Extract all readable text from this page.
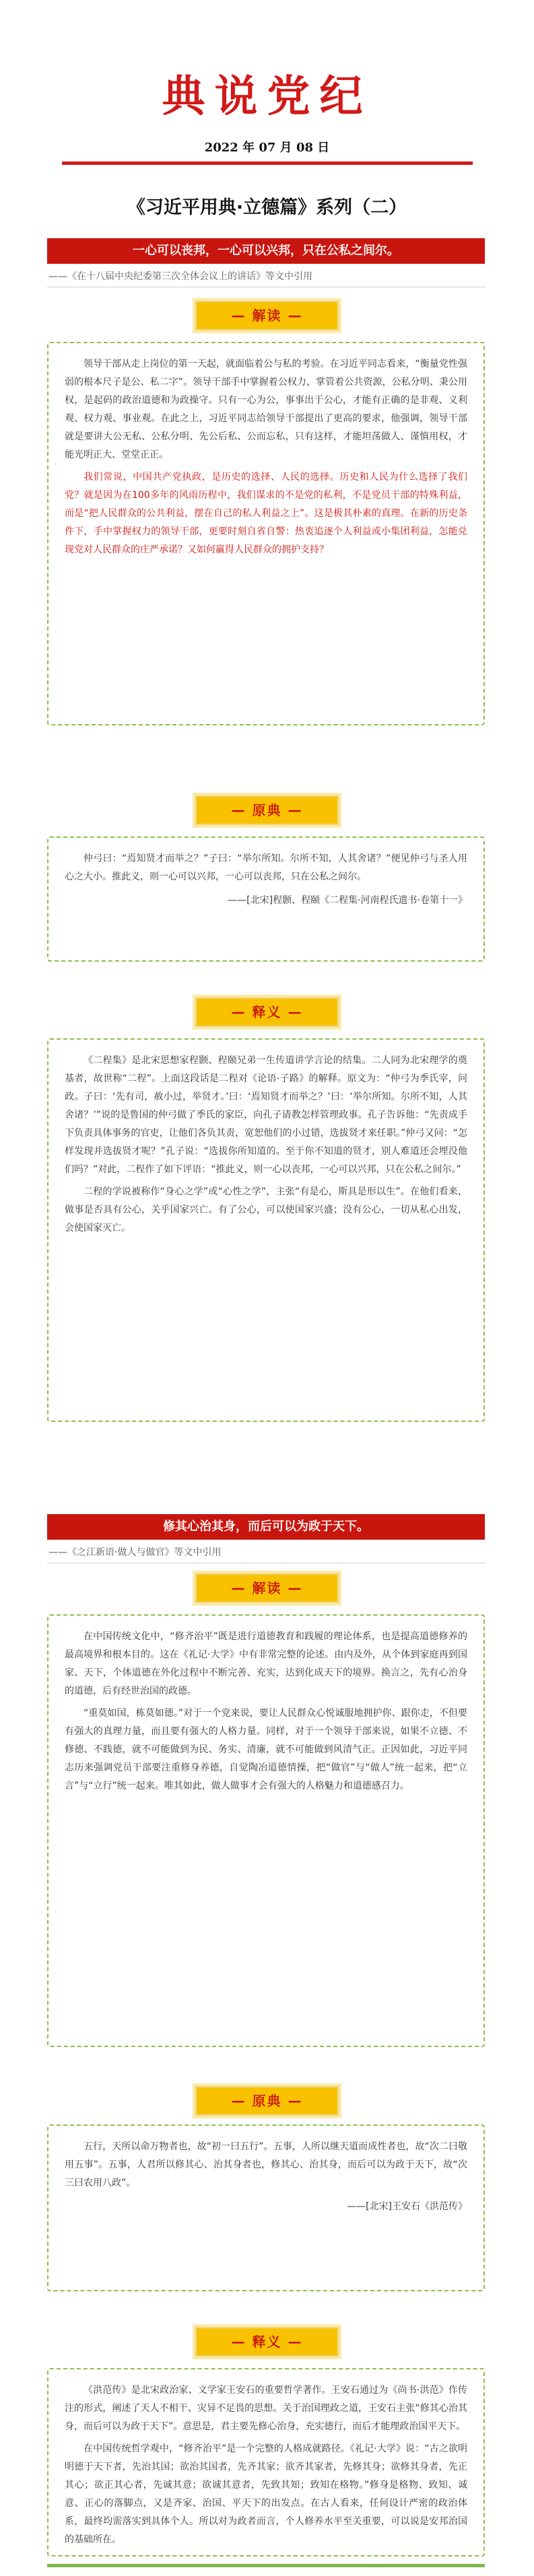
典说党纪
2022 年 07 月 08 日
《习近平用典·立德篇》系列（二）
一心可以丧邦，一心可以兴邦，只在公私之间尔。
——《在十八届中央纪委第三次全体会议上的讲话》等文中引用
— 解读 —

领导干部从走上岗位的第一天起，就面临着公与私的考验。在习近平同志看来，“衡量党性强弱的根本尺子是公、私二字”。领导干部手中掌握着公权力，掌管着公共资源，公私分明、秉公用权，是起码的政治道德和为政操守。只有一心为公，事事出于公心，才能有正确的是非观、义利观、权力观、事业观。在此之上，习近平同志给领导干部提出了更高的要求，他强调，领导干部就是要讲大公无私、公私分明、先公后私、公而忘私，只有这样，才能坦荡做人、谨慎用权，才能光明正大、堂堂正正。

我们常说，中国共产党执政，是历史的选择、人民的选择。历史和人民为什么选择了我们党？就是因为在100多年的风雨历程中，我们谋求的不是党的私利，不是党员干部的特殊利益，而是“把人民群众的公共利益，摆在自己的私人利益之上”。这是极其朴素的真理。在新的历史条件下，手中掌握权力的领导干部，更要时刻自省自警：热衷追逐个人利益或小集团利益，怎能兑现党对人民群众的庄严承诺？又如何赢得人民群众的拥护支持？

— 原典 —

仲弓曰：“焉知贤才而举之？”子曰：“举尔所知。尔所不知，人其舍诸？”便见仲弓与圣人用心之大小。推此义，则一心可以兴邦，一心可以丧邦，只在公私之间尔。

——[北宋]程颢、程颐《二程集·河南程氏遗书·卷第十一》

— 释义 —

《二程集》是北宋思想家程颢、程颐兄弟一生传道讲学言论的结集。二人同为北宋理学的奠基者，故世称“二程”。上面这段话是二程对《论语·子路》的解释。原文为：“仲弓为季氏宰，问政。子曰：‘先有司，赦小过，举贤才。’曰：‘焉知贤才而举之？’曰：‘举尔所知。尔所不知，人其舍诸？’”说的是鲁国的仲弓做了季氏的家臣，向孔子请教怎样管理政事。孔子告诉他：“先责成手下负责具体事务的官吏，让他们各负其责，宽恕他们的小过错，选拔贤才来任职。”仲弓又问：“怎样发现并选拔贤才呢？”孔子说：“选拔你所知道的。至于你不知道的贤才，别人难道还会埋没他们吗？”对此，二程作了如下评语：“推此义，则一心以丧邦，一心可以兴邦，只在公私之间尔。”

二程的学说被称作“身心之学”或“心性之学”，主张“有是心，斯具是形以生”。在他们看来，做事是否具有公心，关乎国家兴亡。有了公心，可以使国家兴盛；没有公心，一切从私心出发，会使国家灭亡。

修其心治其身，而后可以为政于天下。
——《之江新语·做人与做官》等文中引用
— 解读 —

在中国传统文化中，“修齐治平”既是进行道德教育和践履的理论体系，也是提高道德修养的最高境界和根本目的。这在《礼记·大学》中有非常完整的论述。由内及外，从个体到家庭再到国家、天下，个体道德在外化过程中不断完善、充实，达到化成天下的境界。换言之，先有心治身的道德，后有经世治国的政德。

“重莫如国，栋莫如德。”对于一个党来说，要让人民群众心悦诚服地拥护你、跟你走，不但要有强大的真理力量，而且要有强大的人格力量。同样，对于一个领导干部来说，如果不立德、不修德、不践德，就不可能做到为民、务实、清廉，就不可能做到风清气正。正因如此，习近平同志历来强调党员干部要注重修身养德，自觉陶冶道德情操，把“做官”与“做人”统一起来，把“立言”与“立行”统一起来。唯其如此，做人做事才会有强大的人格魅力和道德感召力。

— 原典 —

五行，天所以命万物者也，故“初一曰五行”。五事，人所以继天道而成性者也，故“次二曰敬用五事”。五事，人君所以修其心、治其身者也，修其心、治其身，而后可以为政于天下，故“次三曰农用八政”。

——[北宋]王安石《洪范传》

— 释义 —

《洪范传》是北宋政治家、文学家王安石的重要哲学著作。王安石通过为《尚书·洪范》作传注的形式，阐述了天人不相干、灾异不足畏的思想。关于治国理政之道，王安石主张“修其心治其身，而后可以为政于天下”。意思是，君主要先修心治身，充实德行，而后才能理政治国平天下。

在中国传统哲学观中，“修齐治平”是一个完整的人格成就路径。《礼记·大学》说：“古之欲明明德于天下者，先治其国；欲治其国者，先齐其家；欲齐其家者，先修其身；欲修其身者，先正其心；欲正其心者，先诚其意；欲诚其意者，先致其知；致知在格物。”修身是格物、致知、诚意、正心的落脚点，又是齐家、治国、平天下的出发点。在古人看来，任何设计严密的政治体系，最终均需落实到具体个人。所以对为政者而言，个人修养水平至关重要，可以说是安邦治国的基础所在。
